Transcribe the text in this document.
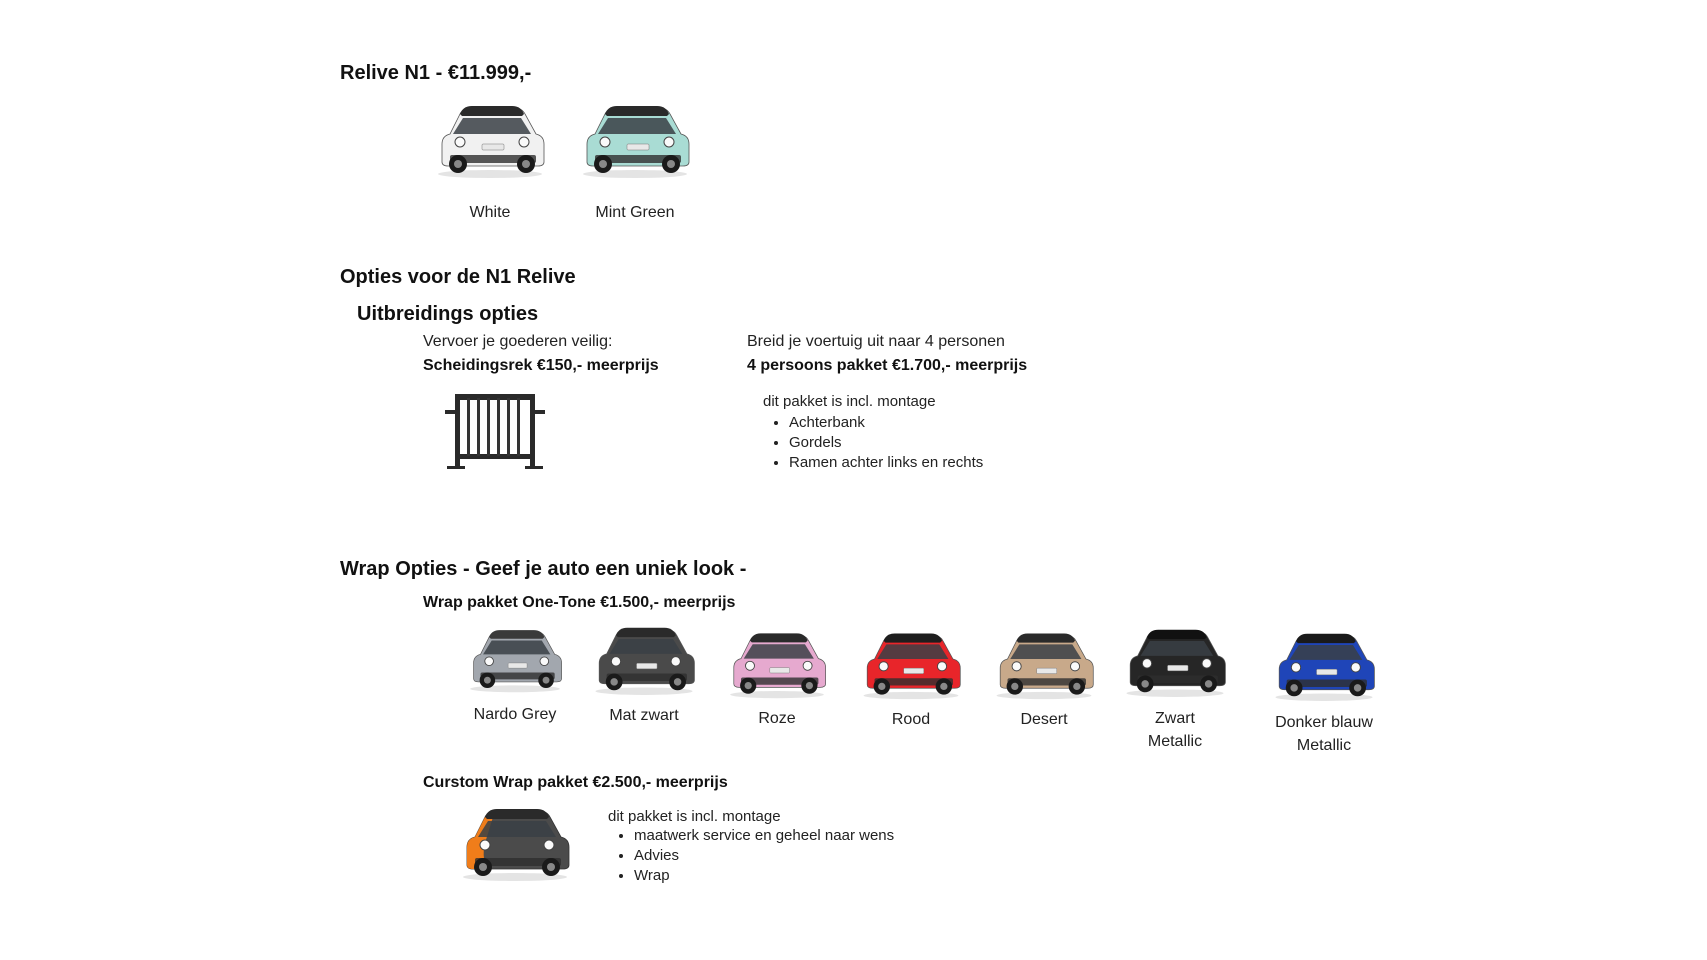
Relive N1 - €11.999,-
White	Mint Green
Opties voor de N1 Relive
Uitbreidings opties
Vervoer je goederen veilig:
Scheidingsrek €150,- meerprijs
Breid je voertuig uit naar 4 personen
4 persoons pakket €1.700,- meerprijs
dit pakket is incl. montage
• Achterbank
• Gordels
• Ramen achter links en rechts
Wrap Opties - Geef je auto een uniek look -
Wrap pakket One-Tone €1.500,- meerprijs
Nardo Grey	Mat zwart	Roze	Rood	Desert	Zwart Metallic
Donker blauw Metallic
Curstom Wrap pakket €2.500,- meerprijs
dit pakket is incl. montage
• maatwerk service en geheel naar wens
• Advies
• Wrap
